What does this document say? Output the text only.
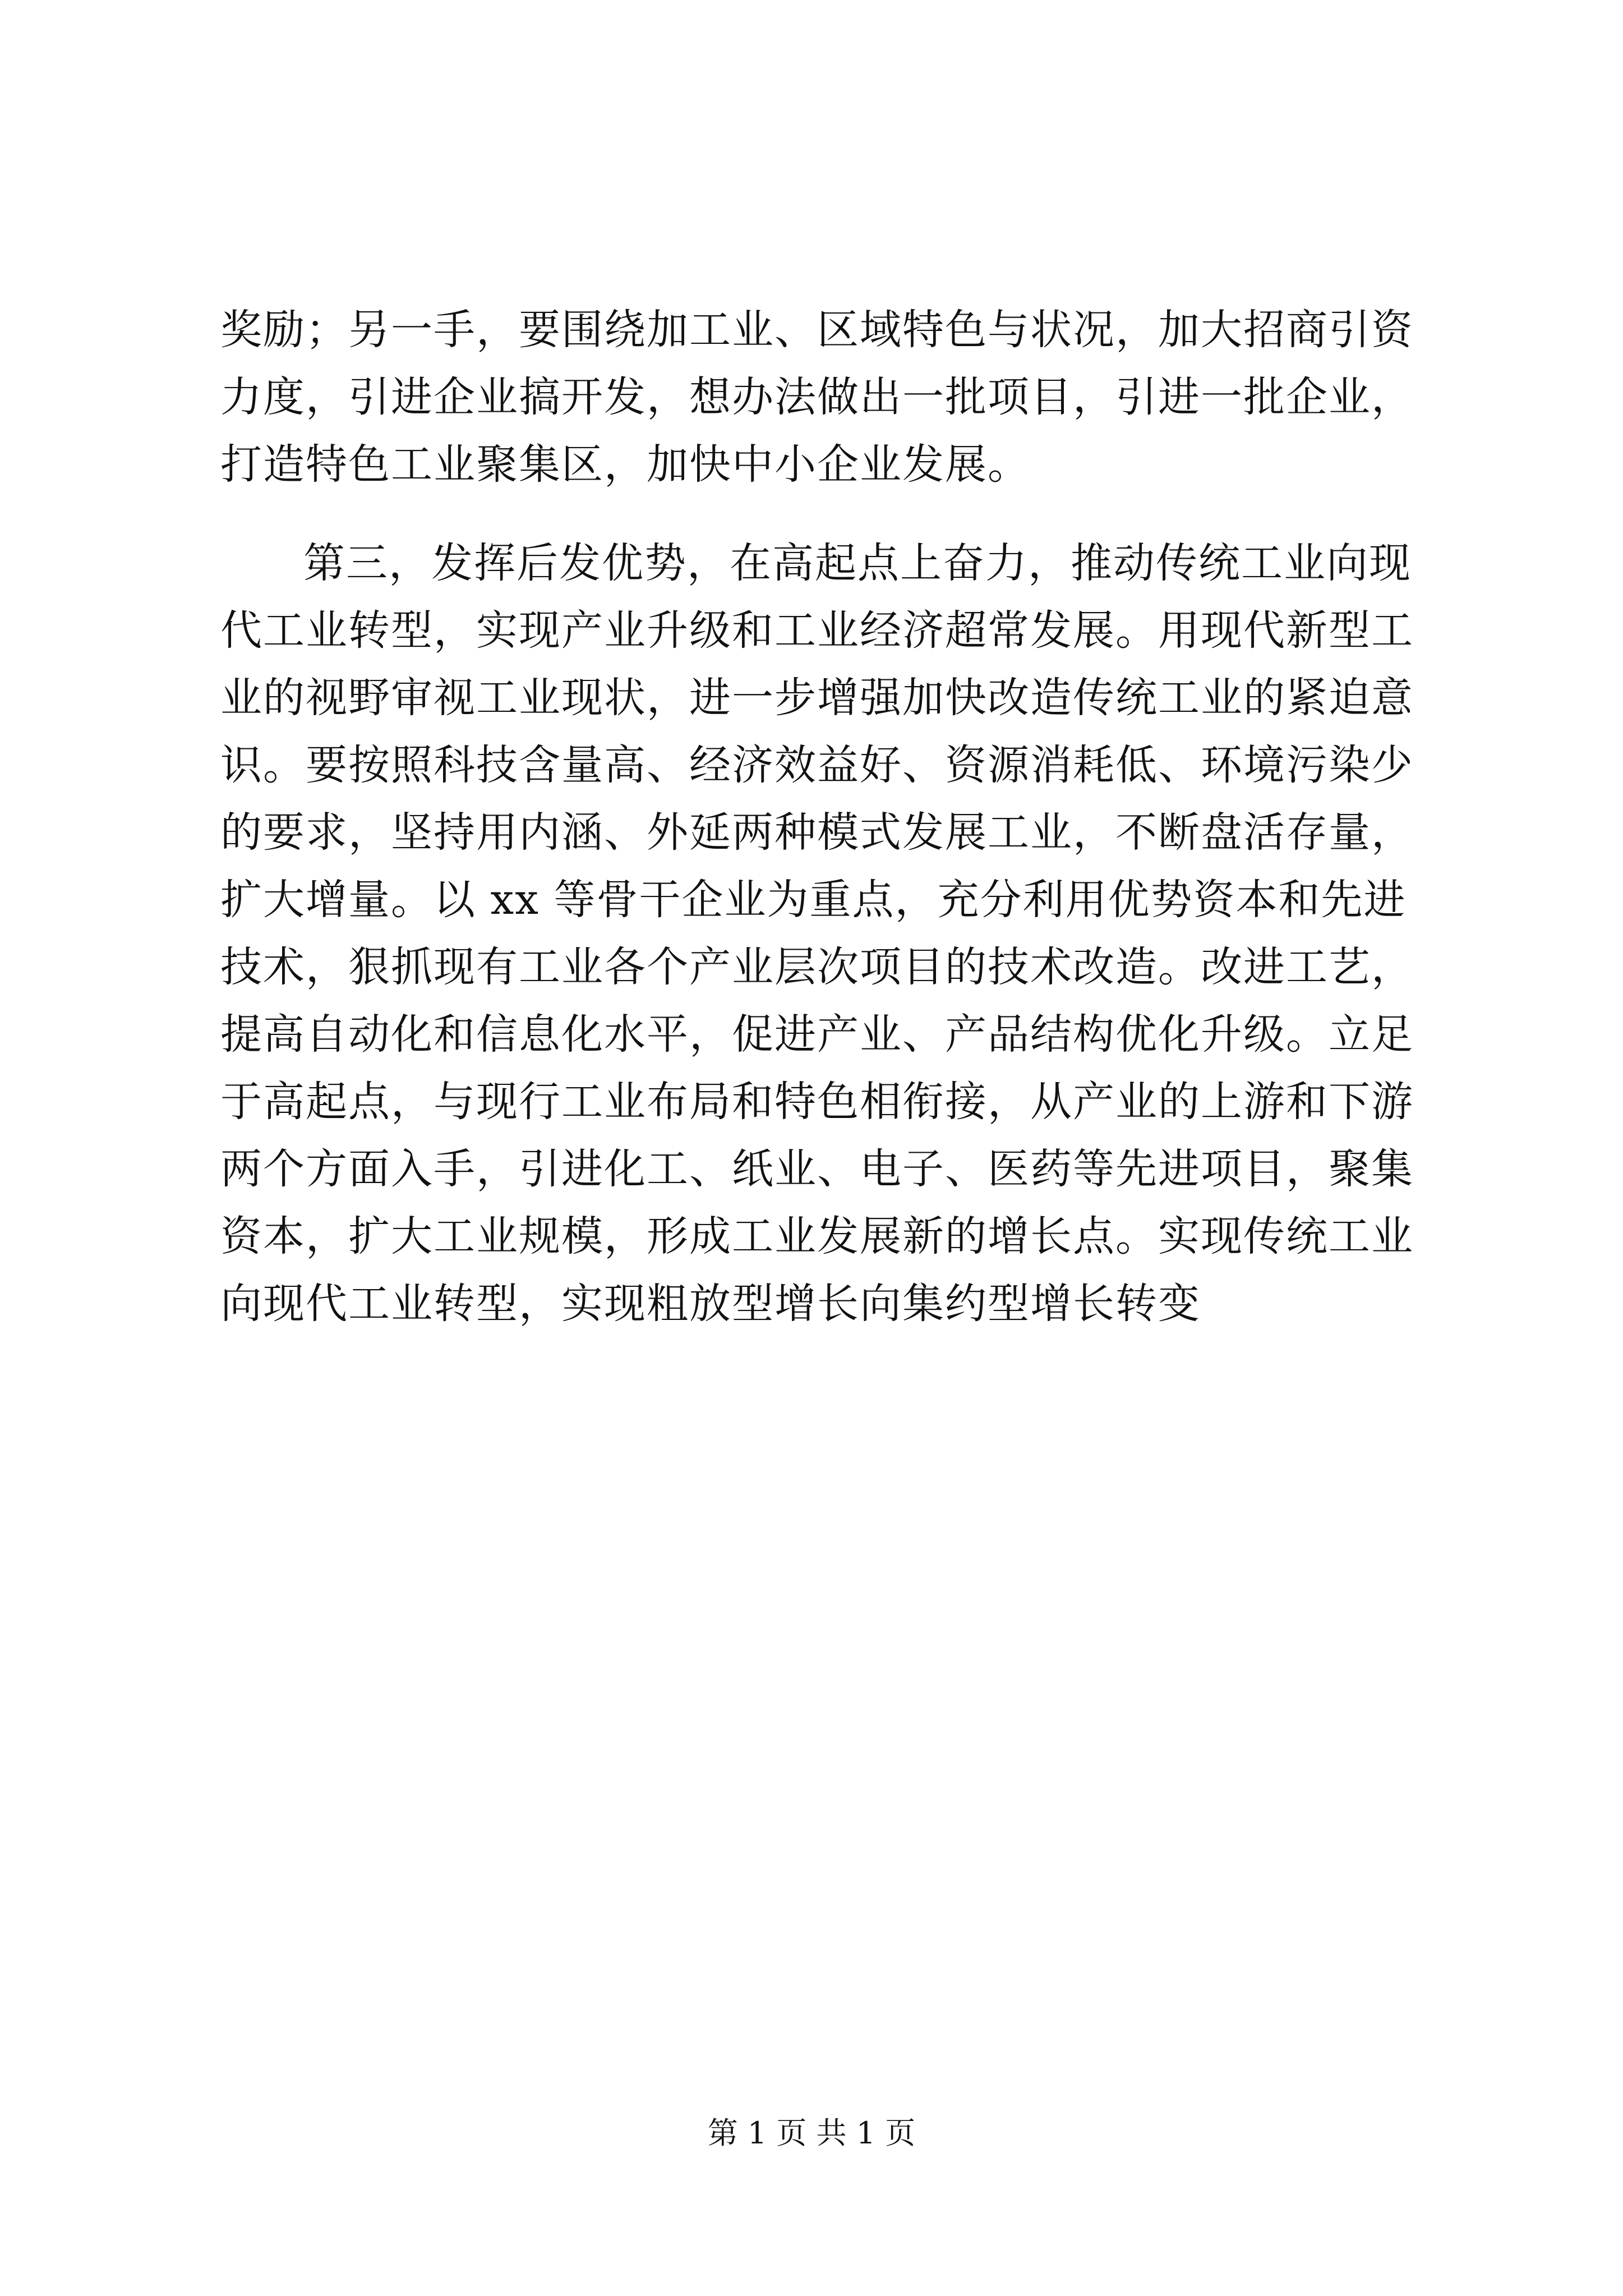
奖励；另一手，要围绕加工业、区域特色与状况，加大招商引资
力度，引进企业搞开发，想办法做出一批项目，引进一批企业，
打造特色工业聚集区，加快中小企业发展。
第三，发挥后发优势，在高起点上奋力，推动传统工业向现
代工业转型，实现产业升级和工业经济超常发展。用现代新型工
业的视野审视工业现状，进一步增强加快改造传统工业的紧迫意
识。要按照科技含量高、经济效益好、资源消耗低、环境污染少
的要求，坚持用内涵、外延两种模式发展工业，不断盘活存量，
扩大增量。以 xx 等骨干企业为重点，充分利用优势资本和先进
技术，狠抓现有工业各个产业层次项目的技术改造。改进工艺，
提高自动化和信息化水平，促进产业、产品结构优化升级。立足
于高起点，与现行工业布局和特色相衔接，从产业的上游和下游
两个方面入手，引进化工、纸业、电子、医药等先进项目，聚集
资本，扩大工业规模，形成工业发展新的增长点。实现传统工业
向现代工业转型，实现粗放型增长向集约型增长转变
第 1 页 共 1 页
